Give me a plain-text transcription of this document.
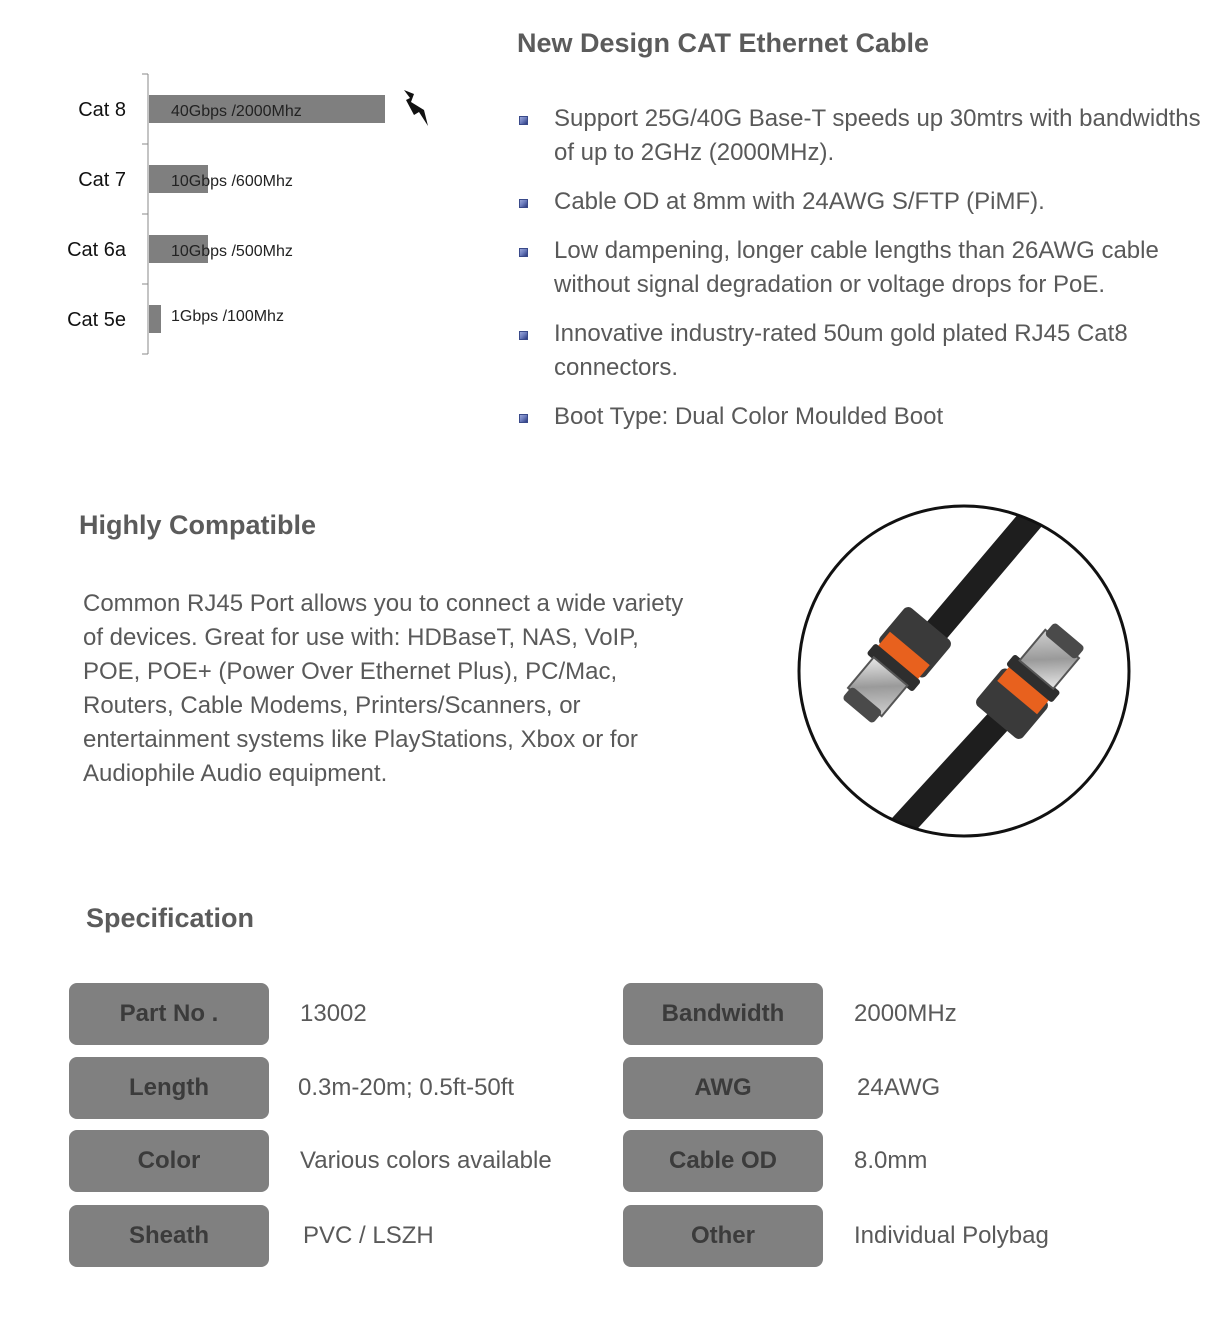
Cat 8	40Gbps /2000Mhz
Cat 7	10Gbps /600Mhz
Cat 6a	10Gbps /500Mhz
Cat 5e	1Gbps /100Mhz
New Design CAT Ethernet Cable
Support 25G/40G Base-T speeds up 30mtrs with bandwidths of up to 2GHz (2000MHz).
Cable OD at 8mm with 24AWG S/FTP (PiMF).
Low dampening, longer cable lengths than 26AWG cable without signal degradation or voltage drops for PoE.
Innovative industry-rated 50um gold plated RJ45 Cat8 connectors.
Boot Type: Dual Color Moulded Boot
Highly Compatible

Common RJ45 Port allows you to connect a wide variety of devices. Great for use with: HDBaseT, NAS, VoIP, POE, POE+ (Power Over Ethernet Plus), PC/Mac, Routers, Cable Modems, Printers/Scanners, or entertainment systems like PlayStations, Xbox or for Audiophile Audio equipment.

Specification
Part No .	13002	Bandwidth	2000MHz
Length	0.3m-20m; 0.5ft-50ft	AWG	24AWG
Color	Various colors available	Cable OD	8.0mm
Sheath	PVC / LSZH	Other	Individual Polybag
